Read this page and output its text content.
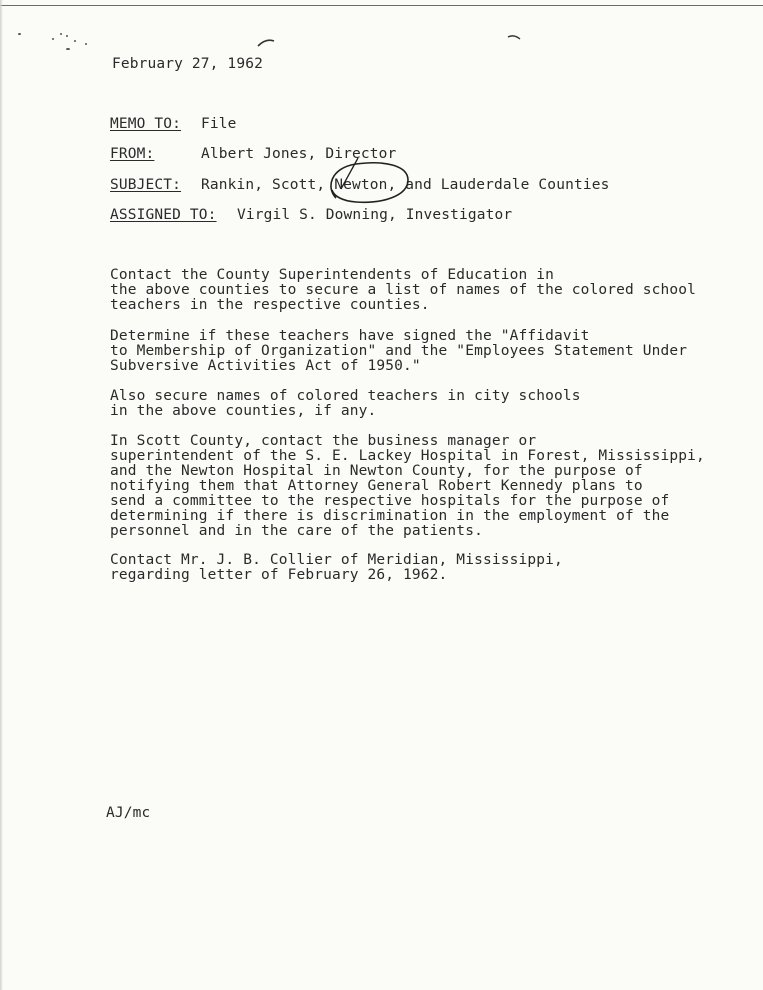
February 27, 1962
MEMO TO: File
FROM:	Albert Jones, Director
SUBJECT: Rankin, Scott, Newton, and Lauderdale Counties
ASSIGNED TO: Virgil S. Downing, Investigator
Contact the County Superintendents of Education in
the above counties to secure a list of names of the colored school
teachers in the respective counties.
Determine if these teachers have signed the "Affidavit
to Membership of Organization" and the "Employees Statement Under
Subversive Activities Act of 1950."
Also secure names of colored teachers in city schools
in the above counties, if any.
In Scott County, contact the business manager or
superintendent of the S. E. Lackey Hospital in Forest, Mississippi,
and the Newton Hospital in Newton County, for the purpose of
notifying them that Attorney General Robert Kennedy plans to
send a committee to the respective hospitals for the purpose of
determining if there is discrimination in the employment of the
personnel and in the care of the patients.
Contact Mr. J. B. Collier of Meridian, Mississippi,
regarding letter of February 26, 1962.
AJ/mc
